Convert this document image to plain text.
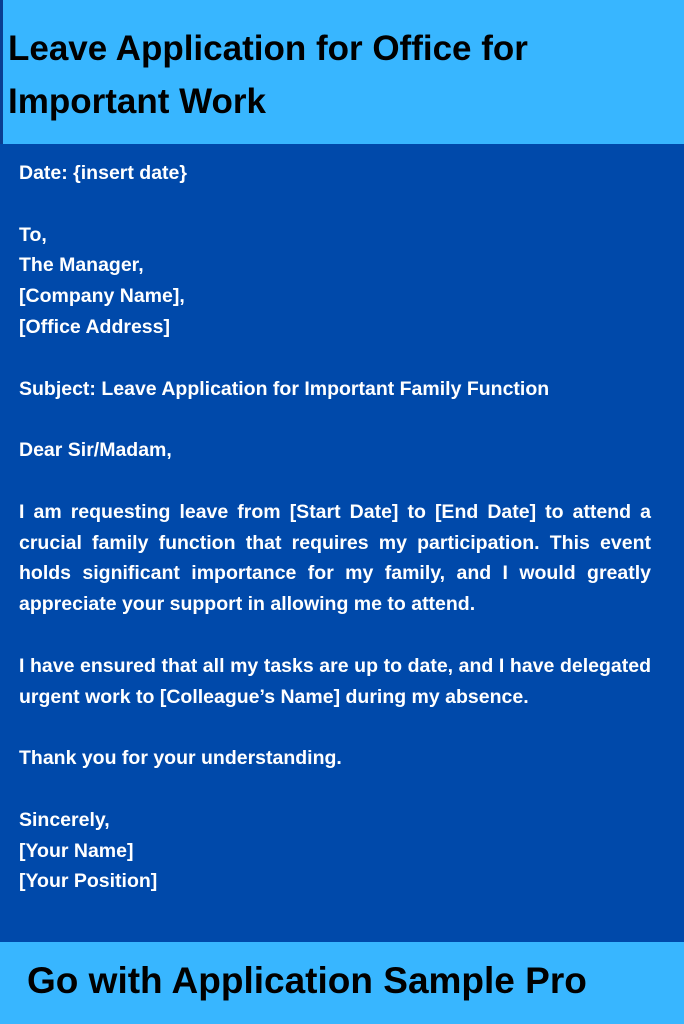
Leave Application for Office for
Important Work

Date: {insert date}

To,
The Manager,
[Company Name],
[Office Address]

Subject: Leave Application for Important Family Function

Dear Sir/Madam,

I am requesting leave from [Start Date] to [End Date] to attend a crucial family function that requires my participation. This event holds significant importance for my family, and I would greatly appreciate your support in allowing me to attend.

I have ensured that all my tasks are up to date, and I have delegated urgent work to [Colleague’s Name] during my absence.

Thank you for your understanding.

Sincerely,
[Your Name]
[Your Position]

Go with Application Sample Pro
